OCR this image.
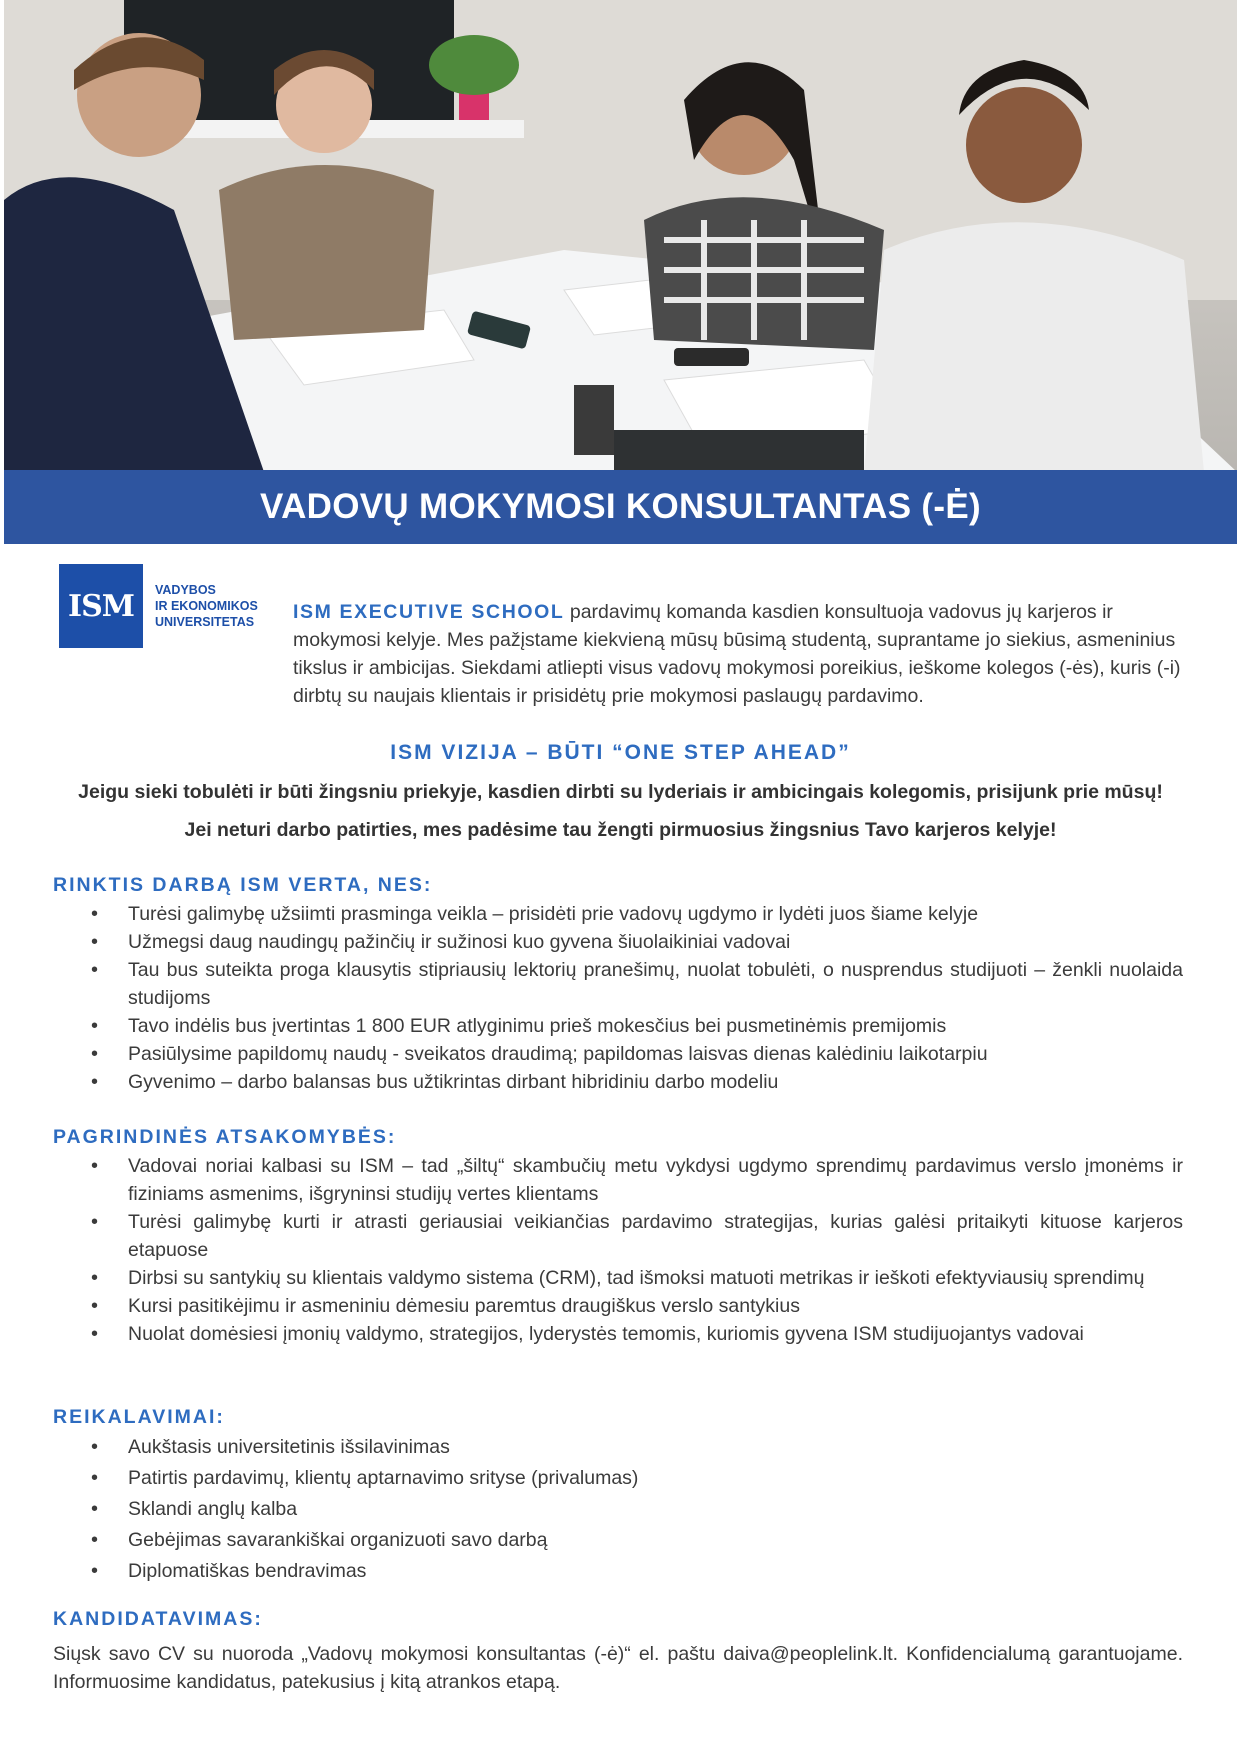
VADOVŲ MOKYMOSI KONSULTANTAS (-Ė)
ISM	VADYBOS
IR EKONOMIKOS
UNIVERSITETAS	ISM EXECUTIVE SCHOOL pardavimų komanda kasdien konsultuoja vadovus jų karjeros ir mokymosi kelyje. Mes pažįstame kiekvieną mūsų būsimą studentą, suprantame jo siekius, asmeninius tikslus ir ambicijas. Siekdami atliepti visus vadovų mokymosi poreikius, ieškome kolegos (-ės), kuris (-i) dirbtų su naujais klientais ir prisidėtų prie mokymosi paslaugų pardavimo.
ISM VIZIJA – BŪTI “ONE STEP AHEAD”
Jeigu sieki tobulėti ir būti žingsniu priekyje, kasdien dirbti su lyderiais ir ambicingais kolegomis, prisijunk prie mūsų!
Jei neturi darbo patirties, mes padėsime tau žengti pirmuosius žingsnius Tavo karjeros kelyje!
RINKTIS DARBĄ ISM VERTA, NES:
• Turėsi galimybę užsiimti prasminga veikla – prisidėti prie vadovų ugdymo ir lydėti juos šiame kelyje
• Užmegsi daug naudingų pažinčių ir sužinosi kuo gyvena šiuolaikiniai vadovai
• Tau bus suteikta proga klausytis stipriausių lektorių pranešimų, nuolat tobulėti, o nusprendus studijuoti – ženkli nuolaida studijoms
• Tavo indėlis bus įvertintas 1 800 EUR atlyginimu prieš mokesčius bei pusmetinėmis premijomis
• Pasiūlysime papildomų naudų - sveikatos draudimą; papildomas laisvas dienas kalėdiniu laikotarpiu
• Gyvenimo – darbo balansas bus užtikrintas dirbant hibridiniu darbo modeliu
PAGRINDINĖS ATSAKOMYBĖS:
• Vadovai noriai kalbasi su ISM – tad „šiltų“ skambučių metu vykdysi ugdymo sprendimų pardavimus verslo įmonėms ir fiziniams asmenims, išgryninsi studijų vertes klientams
• Turėsi galimybę kurti ir atrasti geriausiai veikiančias pardavimo strategijas, kurias galėsi pritaikyti kituose karjeros etapuose
• Dirbsi su santykių su klientais valdymo sistema (CRM), tad išmoksi matuoti metrikas ir ieškoti efektyviausių sprendimų
• Kursi pasitikėjimu ir asmeniniu dėmesiu paremtus draugiškus verslo santykius
• Nuolat domėsiesi įmonių valdymo, strategijos, lyderystės temomis, kuriomis gyvena ISM studijuojantys vadovai
REIKALAVIMAI:
• Aukštasis universitetinis išsilavinimas
• Patirtis pardavimų, klientų aptarnavimo srityse (privalumas)
• Sklandi anglų kalba
• Gebėjimas savarankiškai organizuoti savo darbą
• Diplomatiškas bendravimas
KANDIDATAVIMAS:
Siųsk savo CV su nuoroda „Vadovų mokymosi konsultantas (-ė)“ el. paštu daiva@peoplelink.lt. Konfidencialumą garantuojame. Informuosime kandidatus, patekusius į kitą atrankos etapą.
